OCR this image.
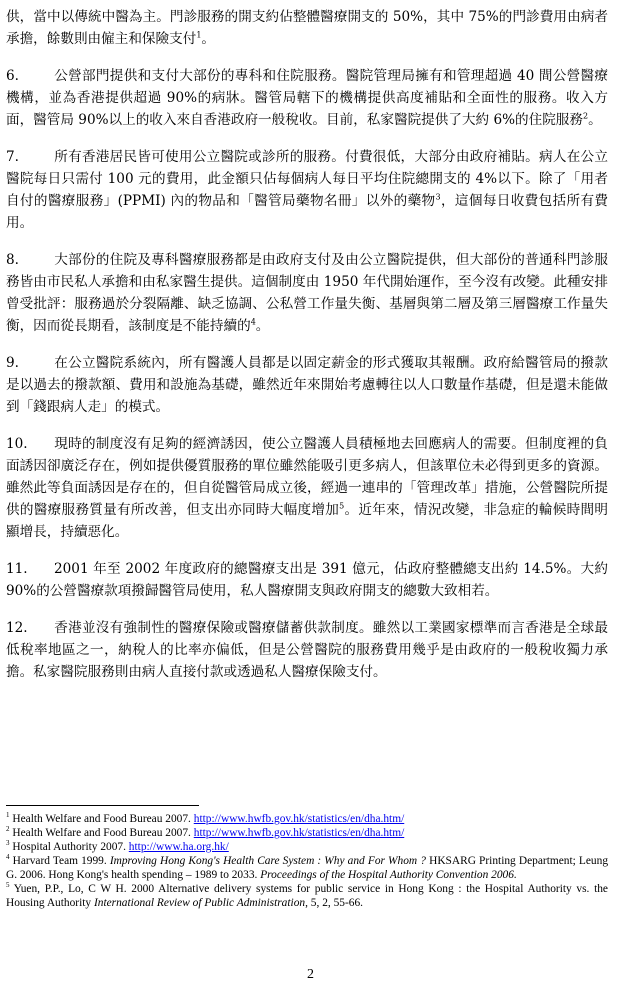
供，當中以傳統中醫為主。門診服務的開支約佔整體醫療開支的 50%，其中 75%的門診費用由病者承擔，餘數則由僱主和保險支付$^1$。

6.	公營部門提供和支付大部份的專科和住院服務。醫院管理局擁有和管理超過 40 間公營醫療機構，並為香港提供超過 90%的病牀。醫管局轄下的機構提供高度補貼和全面性的服務。收入方面，醫管局 90%以上的收入來自香港政府一般稅收。目前，私家醫院提供了大約 6%的住院服務$^2$。

7.	所有香港居民皆可使用公立醫院或診所的服務。付費很低，大部分由政府補貼。病人在公立醫院每日只需付 100 元的費用，此金額只佔每個病人每日平均住院總開支的 4%以下。除了「用者自付的醫療服務」(PPMI) 內的物品和「醫管局藥物名冊」以外的藥物$^3$，這個每日收費包括所有費用。

8.	大部份的住院及專科醫療服務都是由政府支付及由公立醫院提供，但大部份的普通科門診服務皆由市民私人承擔和由私家醫生提供。這個制度由 1950 年代開始運作，至今沒有改變。此種安排曾受批評：服務過於分裂隔離、缺乏協調、公私營工作量失衡、基層與第二層及第三層醫療工作量失衡，因而從長期看，該制度是不能持續的$^4$。

9.	在公立醫院系統內，所有醫護人員都是以固定薪金的形式獲取其報酬。政府給醫管局的撥款是以過去的撥款額、費用和設施為基礎，雖然近年來開始考慮轉往以人口數量作基礎，但是還未能做到「錢跟病人走」的模式。

10. 現時的制度沒有足夠的經濟誘因，使公立醫護人員積極地去回應病人的需要。但制度裡的負面誘因卻廣泛存在，例如提供優質服務的單位雖然能吸引更多病人，但該單位未必得到更多的資源。雖然此等負面誘因是存在的，但自從醫管局成立後，經過一連串的「管理改革」措施，公營醫院所提供的醫療服務質量有所改善，但支出亦同時大幅度增加$^5$。近年來，情況改變，非急症的輪候時間明顯增長，持續惡化。

11. 2001 年至 2002 年度政府的總醫療支出是 391 億元，佔政府整體總支出約 14.5%。大約 90%的公營醫療款項撥歸醫管局使用，私人醫療開支與政府開支的總數大致相若。

12. 香港並沒有強制性的醫療保險或醫療儲蓄供款制度。雖然以工業國家標準而言香港是全球最低稅率地區之一，納稅人的比率亦偏低，但是公營醫院的服務費用幾乎是由政府的一般稅收獨力承擔。私家醫院服務則由病人直接付款或透過私人醫療保險支付。

$^1$ Health Welfare and Food Bureau 2007. http://www.hwfb.gov.hk/statistics/en/dha.htm/
$^2$ Health Welfare and Food Bureau 2007. http://www.hwfb.gov.hk/statistics/en/dha.htm/
$^3$ Hospital Authority 2007. http://www.ha.org.hk/
$^4$ Harvard Team 1999. Improving Hong Kong's Health Care System : Why and For Whom ? HKSARG Printing Department; Leung G. 2006. Hong Kong's health spending – 1989 to 2033. Proceedings of the Hospital Authority Convention 2006.
$^5$ Yuen, P.P., Lo, C W H. 2000 Alternative delivery systems for public service in Hong Kong : the Hospital Authority vs. the Housing Authority International Review of Public Administration, 5, 2, 55-66.
2
